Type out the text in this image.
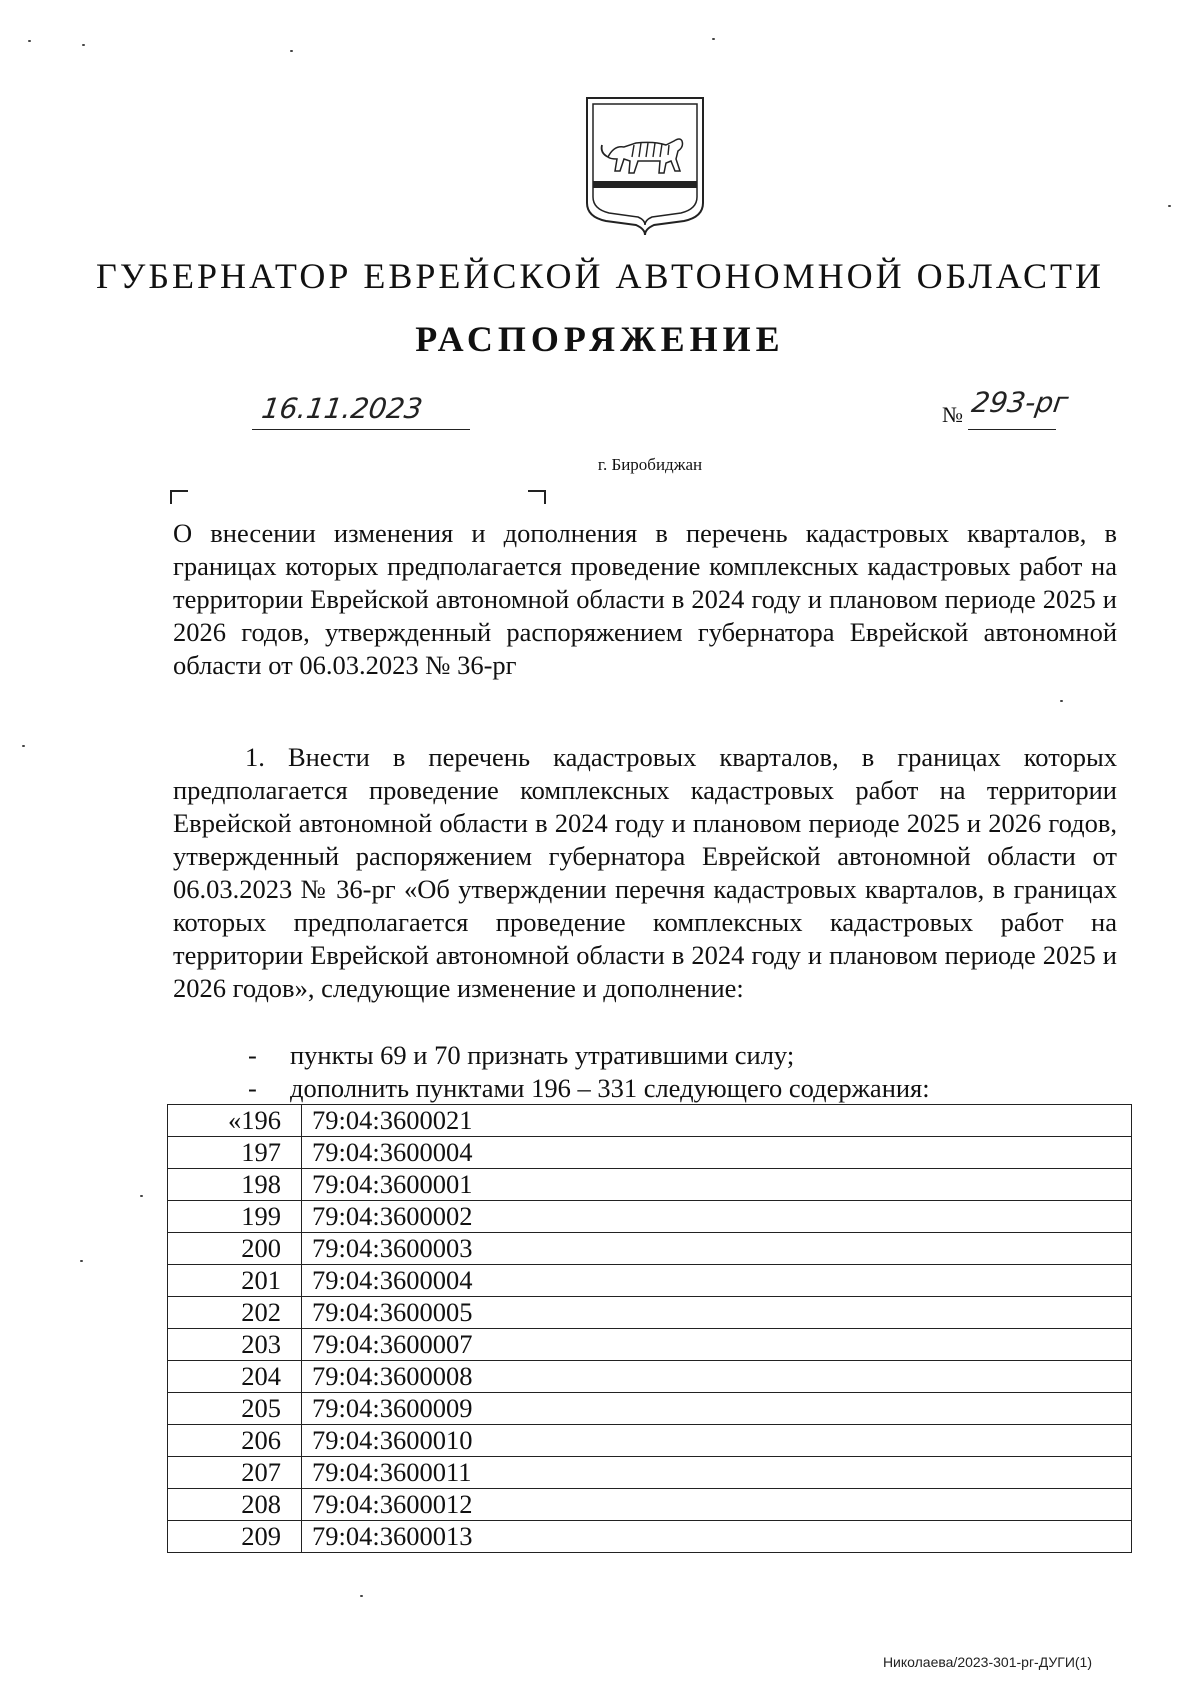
ГУБЕРНАТОР ЕВРЕЙСКОЙ АВТОНОМНОЙ ОБЛАСТИ
РАСПОРЯЖЕНИЕ
16.11.2023	№ 293-рг
г. Биробиджан
О внесении изменения и дополнения в перечень кадастровых кварталов, в границах которых предполагается проведение комплексных кадастровых работ на территории Еврейской автономной области в 2024 году и плановом периоде 2025 и 2026 годов, утвержденный распоряжением губернатора Еврейской автономной области от 06.03.2023 № 36-рг
1. Внести в перечень кадастровых кварталов, в границах которых предполагается проведение комплексных кадастровых работ на территории Еврейской автономной области в 2024 году и плановом периоде 2025 и 2026 годов, утвержденный распоряжением губернатора Еврейской автономной области от 06.03.2023 № 36-рг «Об утверждении перечня кадастровых кварталов, в границах которых предполагается проведение комплексных кадастровых работ на территории Еврейской автономной области в 2024 году и плановом периоде 2025 и 2026 годов», следующие изменение и дополнение:
- пункты 69 и 70 признать утратившими силу;
- дополнить пунктами 196 – 331 следующего содержания:
«196	79:04:3600021
197	79:04:3600004
198	79:04:3600001
199	79:04:3600002
200	79:04:3600003
201	79:04:3600004
202	79:04:3600005
203	79:04:3600007
204	79:04:3600008
205	79:04:3600009
206	79:04:3600010
207	79:04:3600011
208	79:04:3600012
209	79:04:3600013
Николаева/2023-301-рг-ДУГИ(1)
